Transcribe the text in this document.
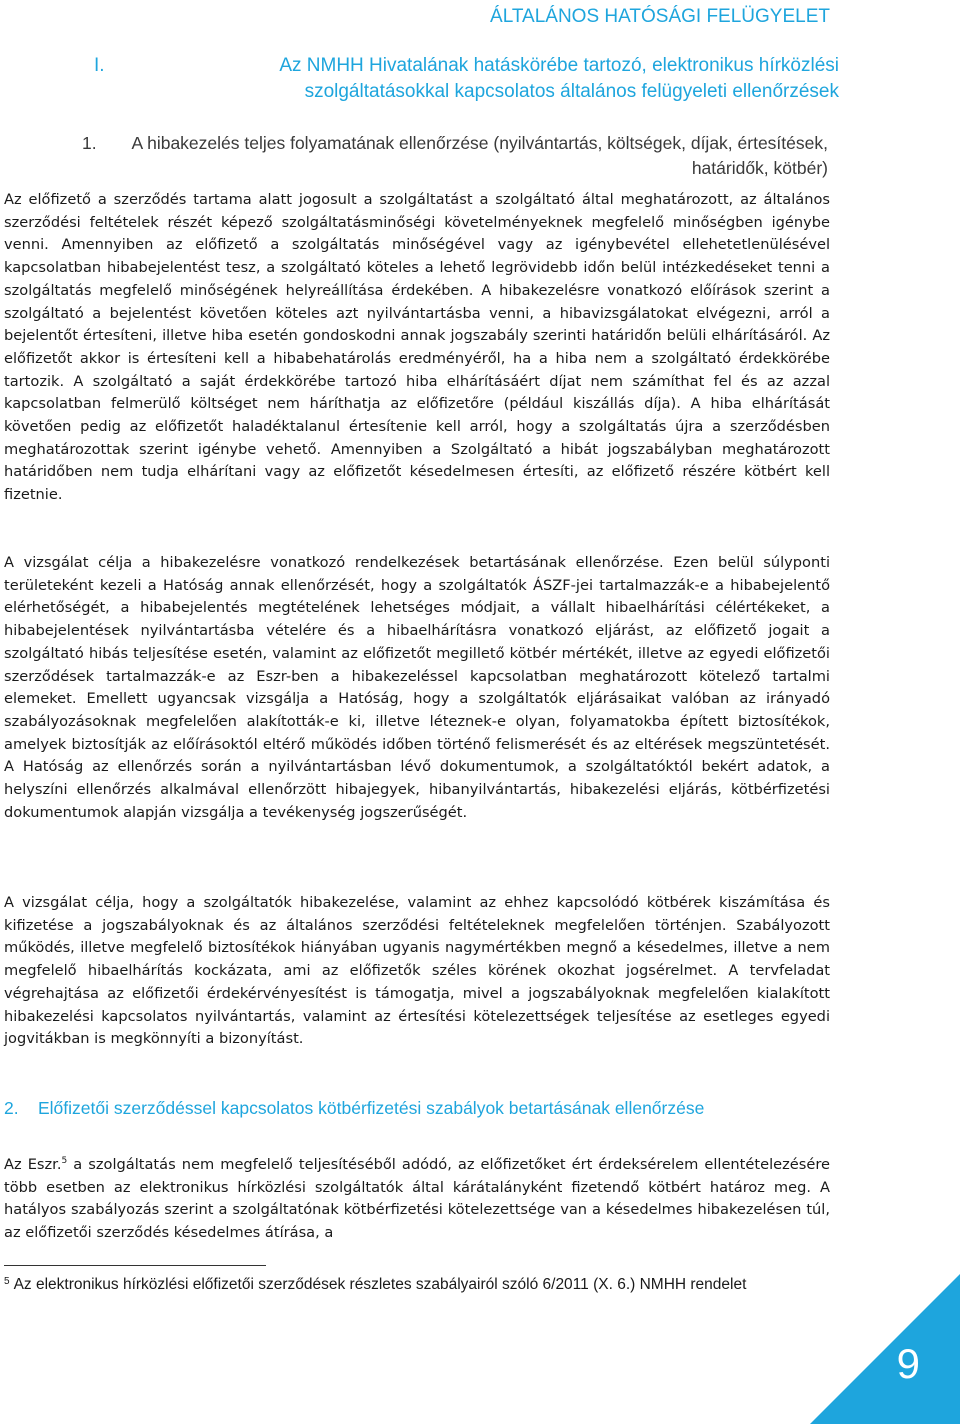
ÁLTALÁNOS HATÓSÁGI FELÜGYELET
I.	Az NMHH Hivatalának hatáskörébe tartozó, elektronikus hírközlési szolgáltatásokkal kapcsolatos általános felügyeleti ellenőrzések
1.	A hibakezelés teljes folyamatának ellenőrzése (nyilvántartás, költségek, díjak, értesítések, határidők, kötbér)
Az előfizető a szerződés tartama alatt jogosult a szolgáltatást a szolgáltató által meghatározott, az általános szerződési feltételek részét képező szolgáltatásminőségi követelményeknek megfelelő minőségben igénybe venni. Amennyiben az előfizető a szolgáltatás minőségével vagy az igénybevétel ellehetetlenülésével kapcsolatban hibabejelentést tesz, a szolgáltató köteles a lehető legrövidebb időn belül intézkedéseket tenni a szolgáltatás megfelelő minőségének helyreállítása érdekében. A hibakezelésre vonatkozó előírások szerint a szolgáltató a bejelentést követően köteles azt nyilvántartásba venni, a hibavizsgálatokat elvégezni, arról a bejelentőt értesíteni, illetve hiba esetén gondoskodni annak jogszabály szerinti határidőn belüli elhárításáról. Az előfizetőt akkor is értesíteni kell a hibabehatárolás eredményéről, ha a hiba nem a szolgáltató érdekkörébe tartozik. A szolgáltató a saját érdekkörébe tartozó hiba elhárításáért díjat nem számíthat fel és az azzal kapcsolatban felmerülő költséget nem háríthatja az előfizetőre (például kiszállás díja). A hiba elhárítását követően pedig az előfizetőt haladéktalanul értesítenie kell arról, hogy a szolgáltatás újra a szerződésben meghatározottak szerint igénybe vehető. Amennyiben a Szolgáltató a hibát jogszabályban meghatározott határidőben nem tudja elhárítani vagy az előfizetőt késedelmesen értesíti, az előfizető részére kötbért kell fizetnie.
A vizsgálat célja a hibakezelésre vonatkozó rendelkezések betartásának ellenőrzése. Ezen belül súlyponti területeként kezeli a Hatóság annak ellenőrzését, hogy a szolgáltatók ÁSZF-jei tartalmazzák-e a hibabejelentő elérhetőségét, a hibabejelentés megtételének lehetséges módjait, a vállalt hibaelhárítási célértékeket, a hibabejelentések nyilvántartásba vételére és a hibaelhárításra vonatkozó eljárást, az előfizető jogait a szolgáltató hibás teljesítése esetén, valamint az előfizetőt megillető kötbér mértékét, illetve az egyedi előfizetői szerződések tartalmazzák-e az Eszr-ben a hibakezeléssel kapcsolatban meghatározott kötelező tartalmi elemeket. Emellett ugyancsak vizsgálja a Hatóság, hogy a szolgáltatók eljárásaikat valóban az irányadó szabályozásoknak megfelelően alakították-e ki, illetve léteznek-e olyan, folyamatokba épített biztosítékok, amelyek biztosítják az előírásoktól eltérő működés időben történő felismerését és az eltérések megszüntetését. A Hatóság az ellenőrzés során a nyilvántartásban lévő dokumentumok, a szolgáltatóktól bekért adatok, a helyszíni ellenőrzés alkalmával ellenőrzött hibajegyek, hibanyilvántartás, hibakezelési eljárás, kötbérfizetési dokumentumok alapján vizsgálja a tevékenység jogszerűségét.
A vizsgálat célja, hogy a szolgáltatók hibakezelése, valamint az ehhez kapcsolódó kötbérek kiszámítása és kifizetése a jogszabályoknak és az általános szerződési feltételeknek megfelelően történjen. Szabályozott működés, illetve megfelelő biztosítékok hiányában ugyanis nagymértékben megnő a késedelmes, illetve a nem megfelelő hibaelhárítás kockázata, ami az előfizetők széles körének okozhat jogsérelmet. A tervfeladat végrehajtása az előfizetői érdekérvényesítést is támogatja, mivel a jogszabályoknak megfelelően kialakított hibakezelési kapcsolatos nyilvántartás, valamint az értesítési kötelezettségek teljesítése az esetleges egyedi jogvitákban is megkönnyíti a bizonyítást.
2. Előfizetői szerződéssel kapcsolatos kötbérfizetési szabályok betartásának ellenőrzése
Az Eszr.$^5$ a szolgáltatás nem megfelelő teljesítéséből adódó, az előfizetőket ért érdeksérelem ellentételezésére több esetben az elektronikus hírközlési szolgáltatók által kárátalányként fizetendő kötbért határoz meg. A hatályos szabályozás szerint a szolgáltatónak kötbérfizetési kötelezettsége van a késedelmes hibakezelésen túl, az előfizetői szerződés késedelmes átírása, a
$^5$ Az elektronikus hírközlési előfizetői szerződések részletes szabályairól szóló 6/2011 (X. 6.) NMHH rendelet
9
